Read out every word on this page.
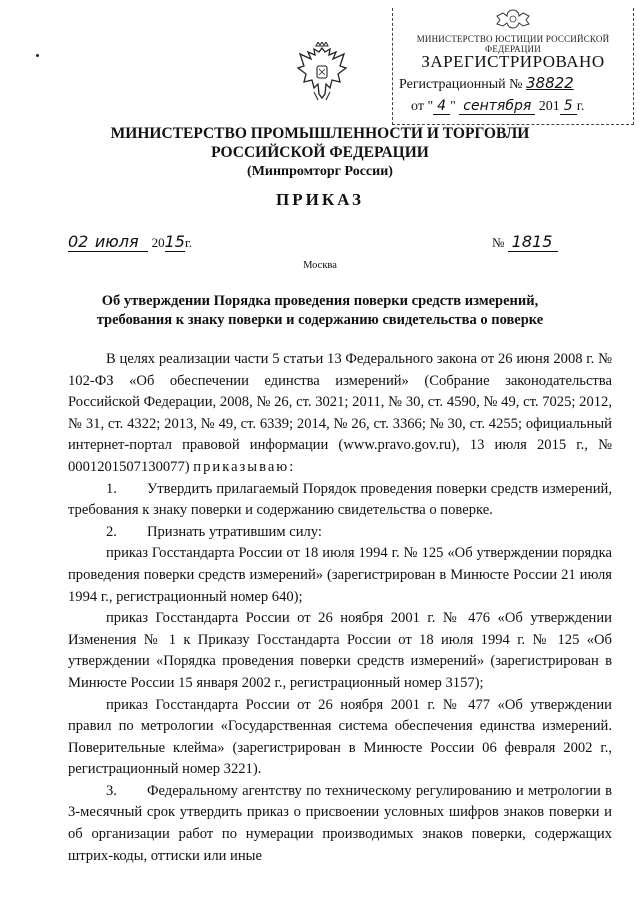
МИНИСТЕРСТВО ЮСТИЦИИ РОССИЙСКОЙ ФЕДЕРАЦИИ
ЗАРЕГИСТРИРОВАНО
Регистрационный № 38822
от " 4 " сентября 201 5 г.
МИНИСТЕРСТВО ПРОМЫШЛЕННОСТИ И ТОРГОВЛИ
РОССИЙСКОЙ ФЕДЕРАЦИИ
(Минпромторг России)
ПРИКАЗ
02 июля 2015г.	№ 1815
Москва
Об утверждении Порядка проведения поверки средств измерений,
требования к знаку поверки и содержанию свидетельства о поверке

В целях реализации части 5 статьи 13 Федерального закона от 26 июня 2008 г. № 102-ФЗ «Об обеспечении единства измерений» (Собрание законодательства Российской Федерации, 2008, № 26, ст. 3021; 2011, № 30, ст. 4590, № 49, ст. 7025; 2012, № 31, ст. 4322; 2013, № 49, ст. 6339; 2014, № 26, ст. 3366; № 30, ст. 4255; официальный интернет-портал правовой информации (www.pravo.gov.ru), 13 июля 2015 г., № 0001201507130077) приказываю:

1. Утвердить прилагаемый Порядок проведения поверки средств измерений, требования к знаку поверки и содержанию свидетельства о поверке.

2. Признать утратившим силу:

приказ Госстандарта России от 18 июля 1994 г. № 125 «Об утверждении порядка проведения поверки средств измерений» (зарегистрирован в Минюсте России 21 июля 1994 г., регистрационный номер 640);

приказ Госстандарта России от 26 ноября 2001 г. № 476 «Об утверждении Изменения № 1 к Приказу Госстандарта России от 18 июля 1994 г. № 125 «Об утверждении «Порядка проведения поверки средств измерений» (зарегистрирован в Минюсте России 15 января 2002 г., регистрационный номер 3157);

приказ Госстандарта России от 26 ноября 2001 г. № 477 «Об утверждении правил по метрологии «Государственная система обеспечения единства измерений. Поверительные клейма» (зарегистрирован в Минюсте России 06 февраля 2002 г., регистрационный номер 3221).

3. Федеральному агентству по техническому регулированию и метрологии в 3-месячный срок утвердить приказ о присвоении условных шифров знаков поверки и об организации работ по нумерации производимых знаков поверки, содержащих штрих-коды, оттиски или иные
